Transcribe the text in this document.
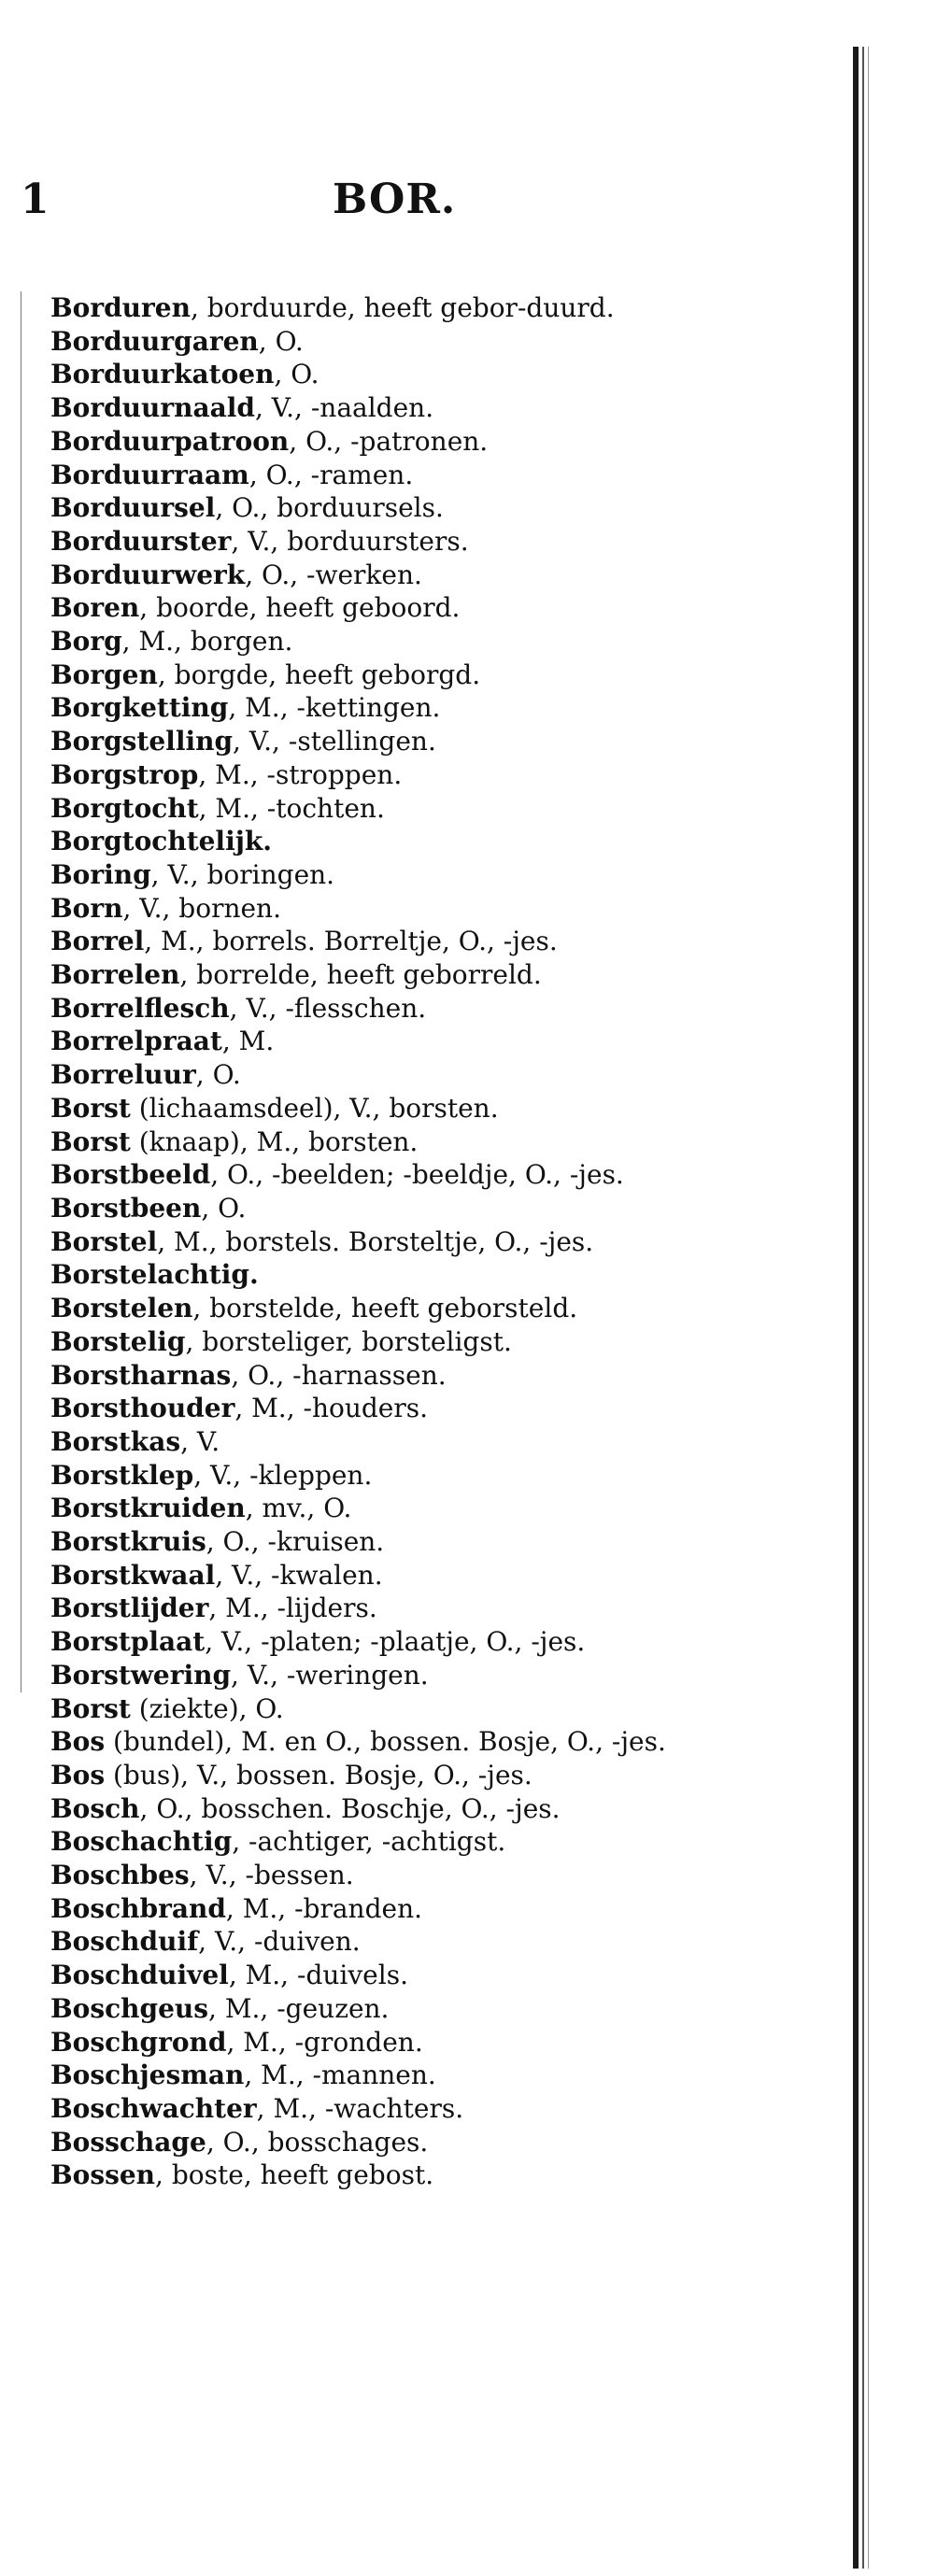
1	BOR.
Borduren, borduurde, heeft gebor-duurd.
Borduurgaren, O.
Borduurkatoen, O.
Borduurnaald, V., -naalden.
Borduurpatroon, O., -patronen.
Borduurraam, O., -ramen.
Borduursel, O., borduursels.
Borduurster, V., borduursters.
Borduurwerk, O., -werken.
Boren, boorde, heeft geboord.
Borg, M., borgen.
Borgen, borgde, heeft geborgd.
Borgketting, M., -kettingen.
Borgstelling, V., -stellingen.
Borgstrop, M., -stroppen.
Borgtocht, M., -tochten.
Borgtochtelijk.
Boring, V., boringen.
Born, V., bornen.
Borrel, M., borrels. Borreltje, O., -jes.
Borrelen, borrelde, heeft geborreld.
Borrelflesch, V., -flesschen.
Borrelpraat, M.
Borreluur, O.
Borst (lichaamsdeel), V., borsten.
Borst (knaap), M., borsten.
Borstbeeld, O., -beelden; -beeldje, O., -jes.
Borstbeen, O.
Borstel, M., borstels. Borsteltje, O., -jes.
Borstelachtig.
Borstelen, borstelde, heeft geborsteld.
Borstelig, borsteliger, borsteligst.
Borstharnas, O., -harnassen.
Borsthouder, M., -houders.
Borstkas, V.
Borstklep, V., -kleppen.
Borstkruiden, mv., O.
Borstkruis, O., -kruisen.
Borstkwaal, V., -kwalen.
Borstlijder, M., -lijders.
Borstplaat, V., -platen; -plaatje, O., -jes.
Borstwering, V., -weringen.
Borst (ziekte), O.
Bos (bundel), M. en O., bossen. Bosje, O., -jes.
Bos (bus), V., bossen. Bosje, O., -jes.
Bosch, O., bosschen. Boschje, O., -jes.
Boschachtig, -achtiger, -achtigst.
Boschbes, V., -bessen.
Boschbrand, M., -branden.
Boschduif, V., -duiven.
Boschduivel, M., -duivels.
Boschgeus, M., -geuzen.
Boschgrond, M., -gronden.
Boschjesman, M., -mannen.
Boschwachter, M., -wachters.
Bosschage, O., bosschages.
Bossen, boste, heeft gebost.
